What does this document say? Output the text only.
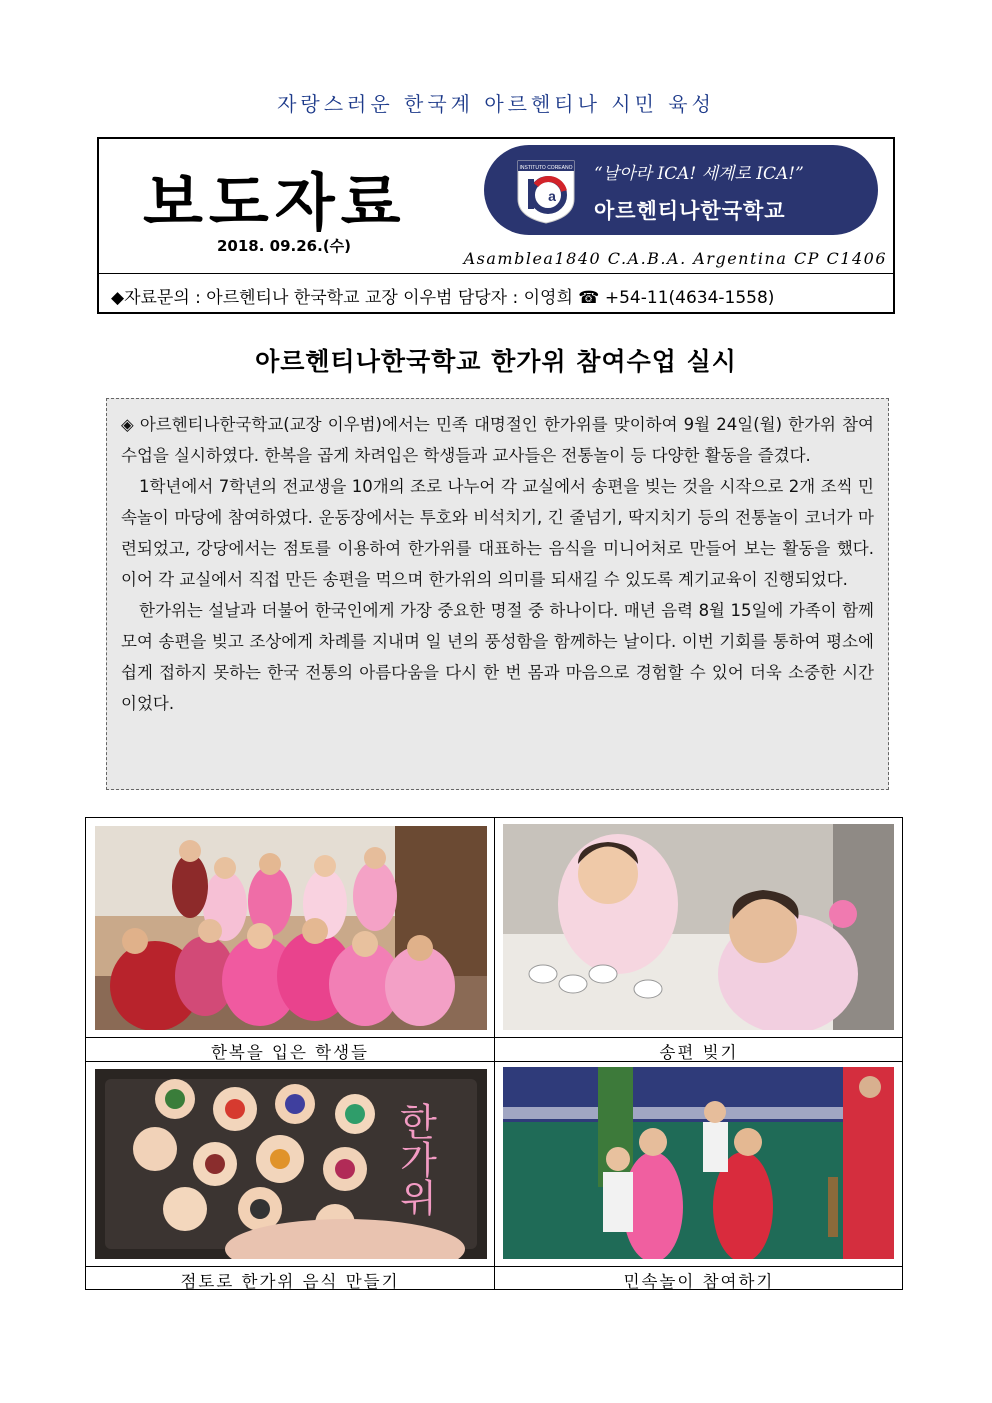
자랑스러운 한국계 아르헨티나 시민 육성
보도자료
2018. 09.26.(수)
INSTITUTO COREANO
a
“날아라 ICA! 세계로 ICA!”
아르헨티나한국학교
Asamblea1840 C.A.B.A. Argentina CP C1406
◆자료문의 : 아르헨티나 한국학교 교장 이우범 담당자 : 이영희 ☎ +54-11(4634-1558)
아르헨티나한국학교 한가위 참여수업 실시

◈ 아르헨티나한국학교(교장 이우범)에서는 민족 대명절인 한가위를 맞이하여 9월 24일(월) 한가위 참여수업을 실시하였다. 한복을 곱게 차려입은 학생들과 교사들은 전통놀이 등 다양한 활동을 즐겼다.

1학년에서 7학년의 전교생을 10개의 조로 나누어 각 교실에서 송편을 빚는 것을 시작으로 2개 조씩 민속놀이 마당에 참여하였다. 운동장에서는 투호와 비석치기, 긴 줄넘기, 딱지치기 등의 전통놀이 코너가 마련되었고, 강당에서는 점토를 이용하여 한가위를 대표하는 음식을 미니어처로 만들어 보는 활동을 했다. 이어 각 교실에서 직접 만든 송편을 먹으며 한가위의 의미를 되새길 수 있도록 계기교육이 진행되었다.

한가위는 설날과 더불어 한국인에게 가장 중요한 명절 중 하나이다. 매년 음력 8월 15일에 가족이 함께 모여 송편을 빚고 조상에게 차례를 지내며 일 년의 풍성함을 함께하는 날이다. 이번 기회를 통하여 평소에 쉽게 접하지 못하는 한국 전통의 아름다움을 다시 한 번 몸과 마음으로 경험할 수 있어 더욱 소중한 시간이었다.

한복을 입은 학생들	송편 빚기
한가위
점토로 한가위 음식 만들기	민속놀이 참여하기
